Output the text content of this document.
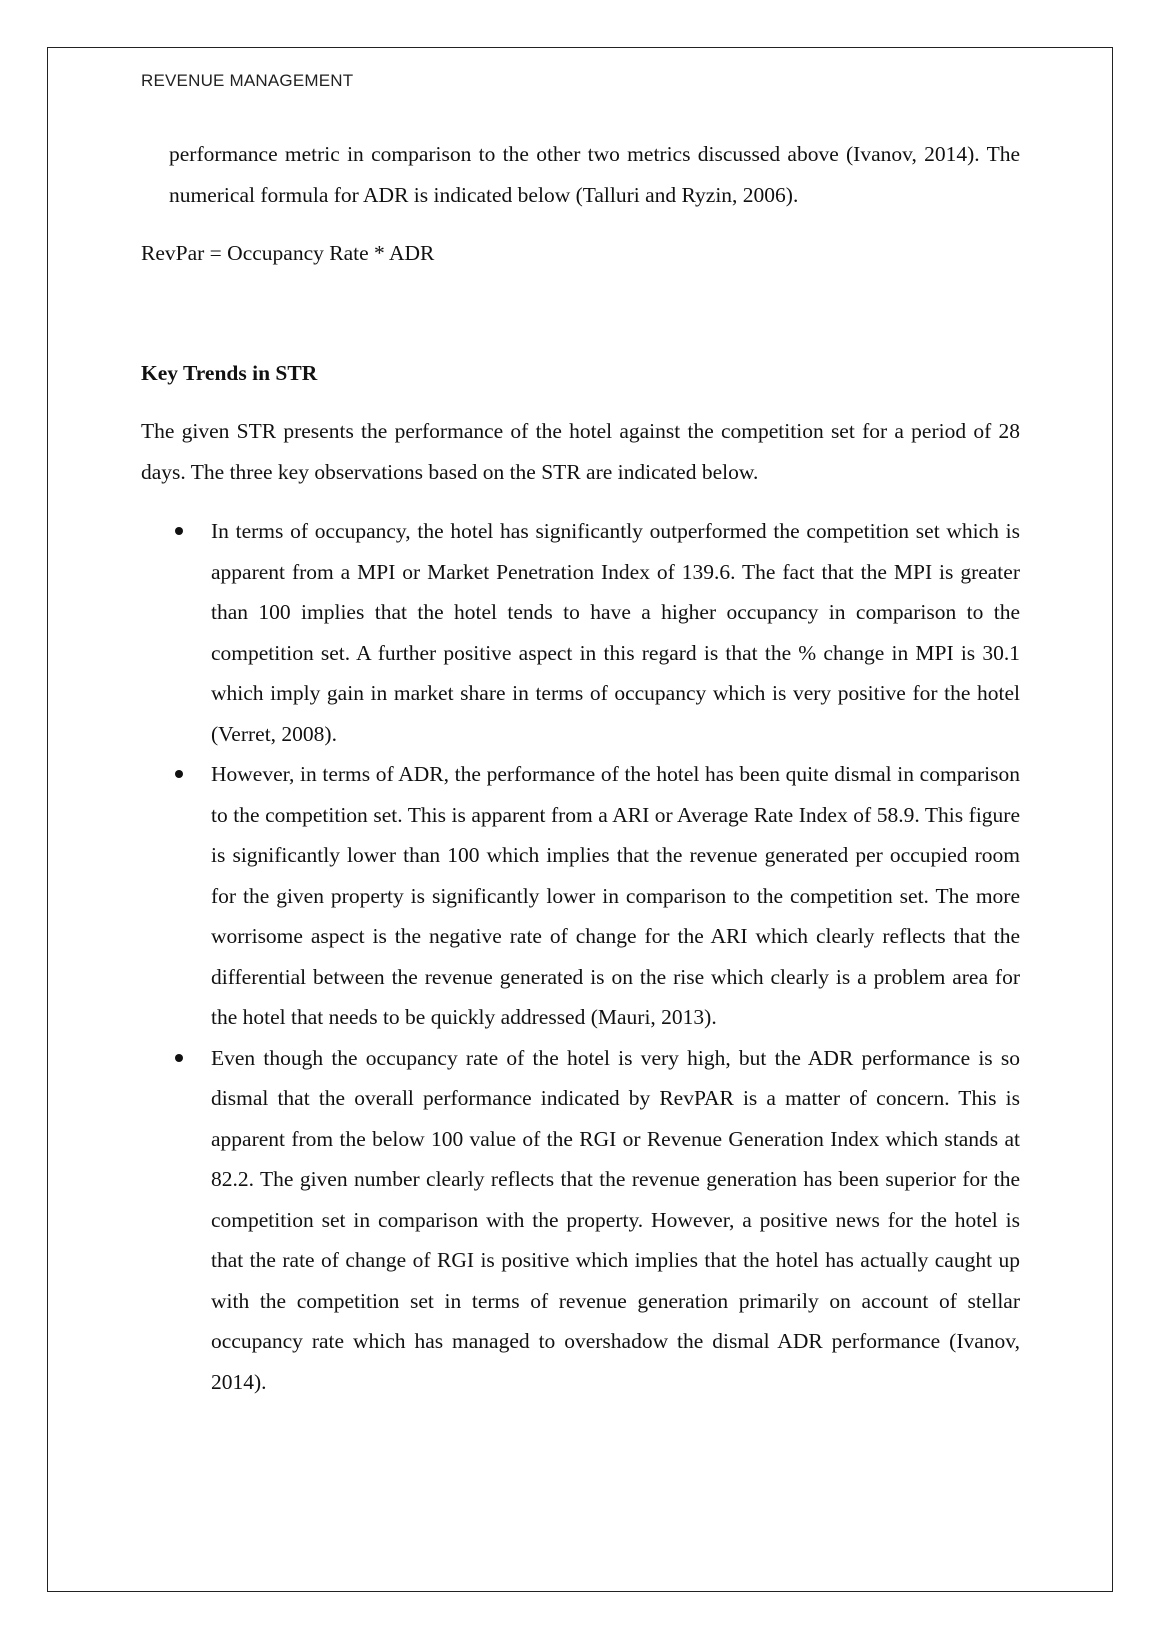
REVENUE MANAGEMENT

performance metric in comparison to the other two metrics discussed above (Ivanov, 2014). The numerical formula for ADR is indicated below (Talluri and Ryzin, 2006).

RevPar = Occupancy Rate * ADR

Key Trends in STR

The given STR presents the performance of the hotel against the competition set for a period of 28 days. The three key observations based on the STR are indicated below.

In terms of occupancy, the hotel has significantly outperformed the competition set which is apparent from a MPI or Market Penetration Index of 139.6. The fact that the MPI is greater than 100 implies that the hotel tends to have a higher occupancy in comparison to the competition set. A further positive aspect in this regard is that the % change in MPI is 30.1 which imply gain in market share in terms of occupancy which is very positive for the hotel (Verret, 2008).
However, in terms of ADR, the performance of the hotel has been quite dismal in comparison to the competition set. This is apparent from a ARI or Average Rate Index of 58.9. This figure is significantly lower than 100 which implies that the revenue generated per occupied room for the given property is significantly lower in comparison to the competition set. The more worrisome aspect is the negative rate of change for the ARI which clearly reflects that the differential between the revenue generated is on the rise which clearly is a problem area for the hotel that needs to be quickly addressed (Mauri, 2013).
Even though the occupancy rate of the hotel is very high, but the ADR performance is so dismal that the overall performance indicated by RevPAR is a matter of concern. This is apparent from the below 100 value of the RGI or Revenue Generation Index which stands at 82.2. The given number clearly reflects that the revenue generation has been superior for the competition set in comparison with the property. However, a positive news for the hotel is that the rate of change of RGI is positive which implies that the hotel has actually caught up with the competition set in terms of revenue generation primarily on account of stellar occupancy rate which has managed to overshadow the dismal ADR performance (Ivanov, 2014).
